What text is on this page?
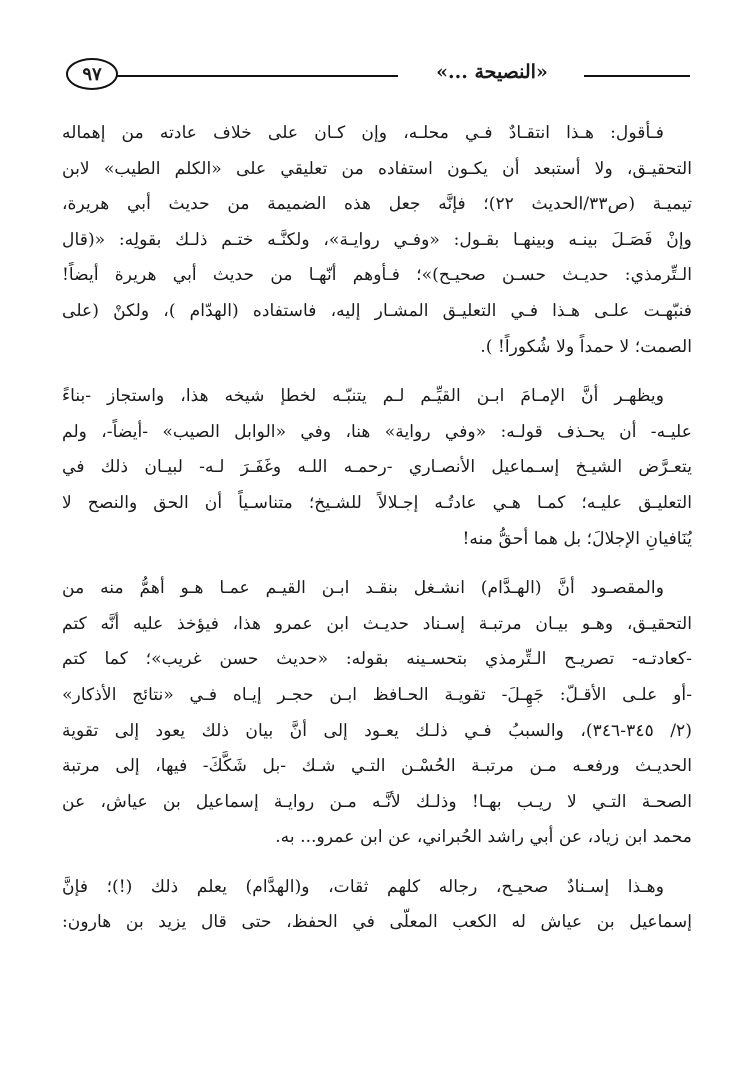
٩٧	«النصيحة ...»

فـأقول: هـذا انتقـادٌ فـي محلـه، وإن كـان على خلاف عادته من إهماله
التحقيـق، ولا أستبعد أن يكـون استفاده من تعليقي على «الكلم الطيب» لابن
تيميـة (ص٣٣/الحديث ٢٢)؛ فإنَّه جعل هذه الضميمة من حديث أبي هريرة،
وإنْ فَصَـلَ بينـه وبينهـا بقـول: «وفـي روايـة»، ولكنَّـه ختـم ذلـك بقولِه: «(قال
الـتِّرمذي: حديـث حسـن صحيـح)»؛ فـأوهم أنّهـا من حديث أبي هريرة أيضاً!
فنبّهـت علـى هـذا فـي التعليـق المشـار إليه، فاستفاده (الهدّام )، ولكنْ (على
الصمت؛ لا حمداً ولا شُكوراً! ).

ويظهـر أنَّ الإمـامَ ابـن القيِّـم لـم يتنبّـه لخطإ شيخه هذا، واستجاز -بناءً
عليـه- أن يحـذف قولـه: «وفي رواية» هنا، وفي «الوابل الصيب» -أيضاً-، ولم
يتعـرَّض الشيـخ إسـماعيل الأنصـاري -رحمـه اللـه وغَفَـرَ لـه- لبيـان ذلك في
التعليـق عليـه؛ كمـا هـي عادتُـه إجـلالاً للشـيخ؛ متناسـياً أن الحق والنصح لا
يُنَافيانِ الإجلالَ؛ بل هما أحقُّ منه!

والمقصـود أنَّ (الهـدَّام) انشـغل بنقـد ابـن القيـم عمـا هـو أهمُّ منه من
التحقيـق، وهـو بيـان مرتبـة إسـناد حديـث ابن عمرو هذا، فيؤخذ عليه أنَّه كتم
-كعادتـه- تصريـح الـتِّرمذي بتحسـينه بقوله: «حديث حسن غريب»؛ كما كتم
-أو علـى الأقـلّ: جَهِـلَ- تقويـة الحـافظ ابـن حجـر إيـاه فـي «نتائج الأذكار»
(٢/ ٣٤٥-٣٤٦)، والسببُ فـي ذلـك يعـود إلى أنَّ بيان ذلك يعود إلى تقوية
الحديـث ورفعـه مـن مرتبـة الحُسْـن التـي شـك -بل شَكَّكَ- فيها، إلى مرتبة
الصحـة التـي لا ريـب بهـا! وذلـك لأنَّـه مـن روايـة إسماعيل بن عياش، عن
محمد ابن زياد، عن أبي راشد الحُبراني، عن ابن عمرو... به.

وهـذا إسـنادٌ صحيـح، رجاله كلهم ثقات، و(الهدَّام) يعلم ذلك (!)؛ فإنَّ
إسماعيل بن عياش له الكعب المعلّى في الحفظ، حتى قال يزيد بن هارون:
